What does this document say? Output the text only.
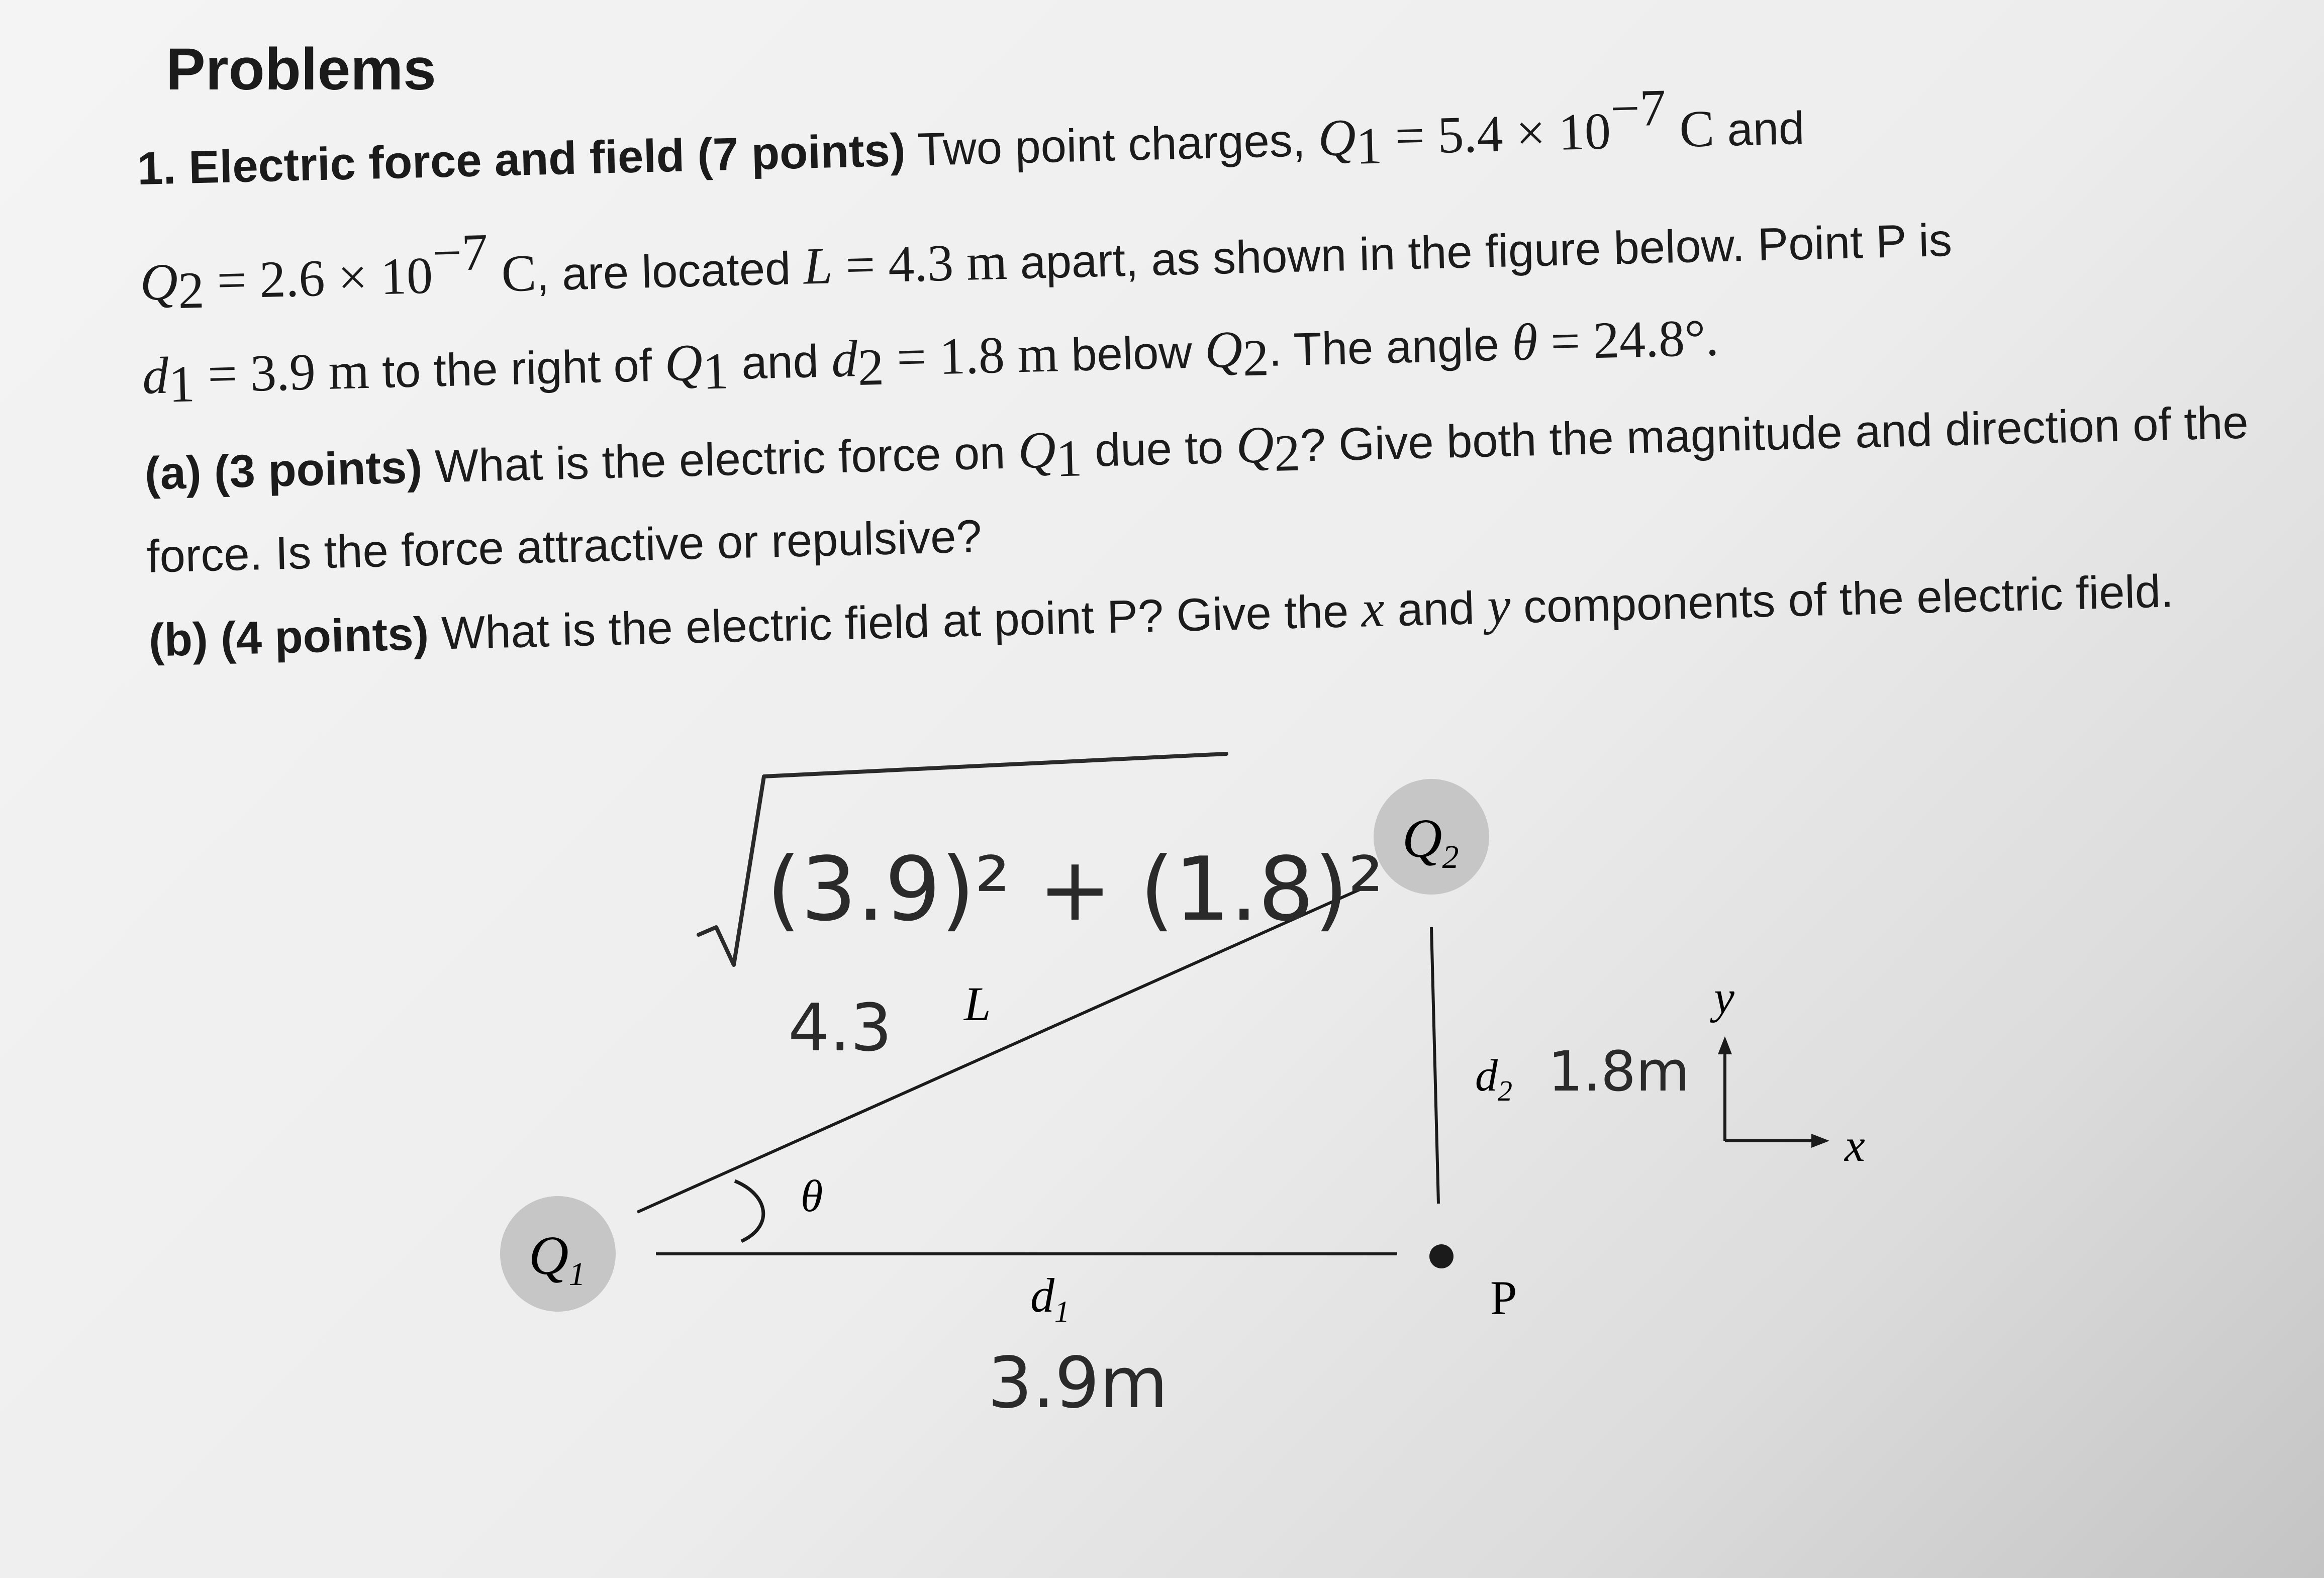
Problems

1. Electric force and field (7 points) Two point charges, $Q_1 = 5.4 \times 10^{-7}$ C and
$Q_2 = 2.6 \times 10^{-7}$ C, are located L = 4.3 m apart, as shown in the figure below. Point P is
$d_1 = 3.9$ m to the right of $Q_1$ and $d_2 = 1.8$ m below $Q_2$. The angle θ = 24.8°.

(a) (3 points) What is the electric force on $Q_1$ due to $Q_2$? Give both the magnitude and direction of the force. Is the force attractive or repulsive?

(b) (4 points) What is the electric field at point P? Give the x and y components of the electric field.

$Q_1$
$Q_2$
L
θ
$d_1$
$d_2$
P
y
x
(3.9)² + (1.8)²
4.3
1.8m
3.9m
